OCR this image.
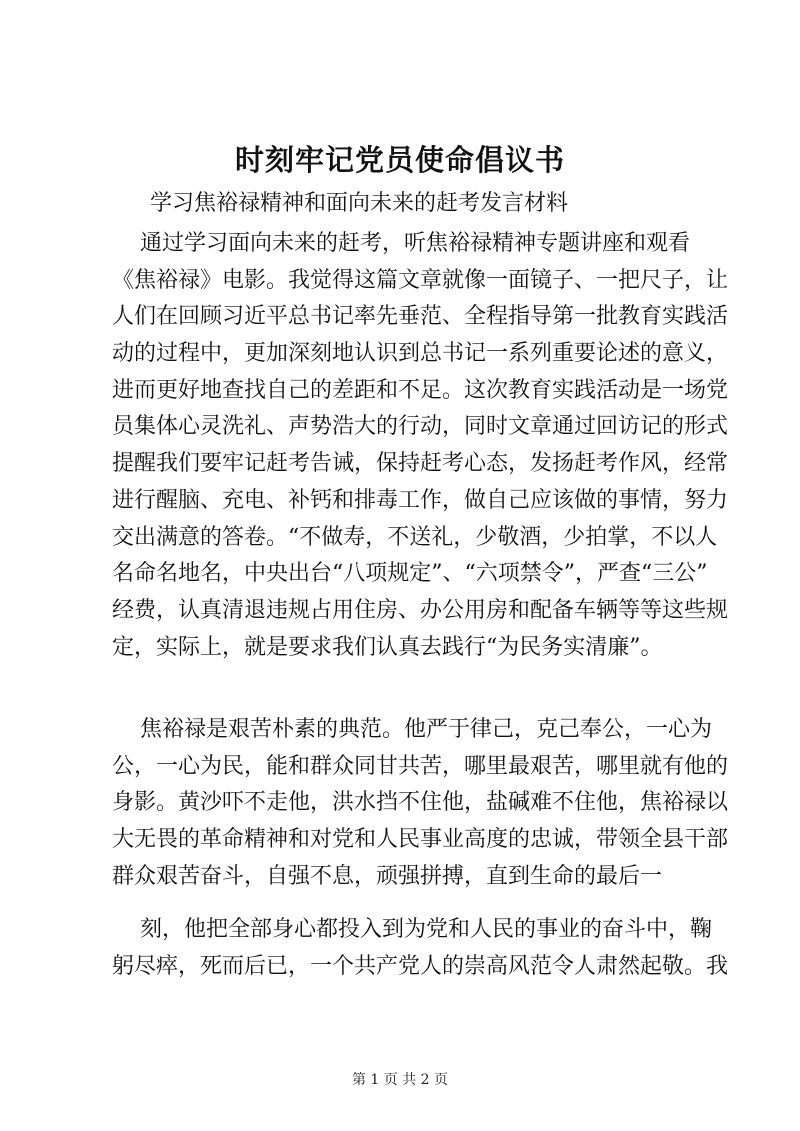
时刻牢记党员使命倡议书

学习焦裕禄精神和面向未来的赶考发言材料

通过学习面向未来的赶考，听焦裕禄精神专题讲座和观看
《焦裕禄》电影。我觉得这篇文章就像一面镜子、一把尺子，让
人们在回顾习近平总书记率先垂范、全程指导第一批教育实践活
动的过程中，更加深刻地认识到总书记一系列重要论述的意义，
进而更好地查找自己的差距和不足。这次教育实践活动是一场党
员集体心灵洗礼、声势浩大的行动，同时文章通过回访记的形式
提醒我们要牢记赶考告诫，保持赶考心态，发扬赶考作风，经常
进行醒脑、充电、补钙和排毒工作，做自己应该做的事情，努力
交出满意的答卷。“不做寿，不送礼，少敬酒，少拍掌，不以人
名命名地名，中央出台“八项规定”、“六项禁令”，严查“三公”
经费，认真清退违规占用住房、办公用房和配备车辆等等这些规
定，实际上，就是要求我们认真去践行“为民务实清廉”。
焦裕禄是艰苦朴素的典范。他严于律己，克己奉公，一心为
公，一心为民，能和群众同甘共苦，哪里最艰苦，哪里就有他的
身影。黄沙吓不走他，洪水挡不住他，盐碱难不住他，焦裕禄以
大无畏的革命精神和对党和人民事业高度的忠诚，带领全县干部
群众艰苦奋斗，自强不息，顽强拼搏，直到生命的最后一
刻，他把全部身心都投入到为党和人民的事业的奋斗中，鞠
躬尽瘁，死而后已，一个共产党人的崇高风范令人肃然起敬。我
第 1 页 共 2 页
